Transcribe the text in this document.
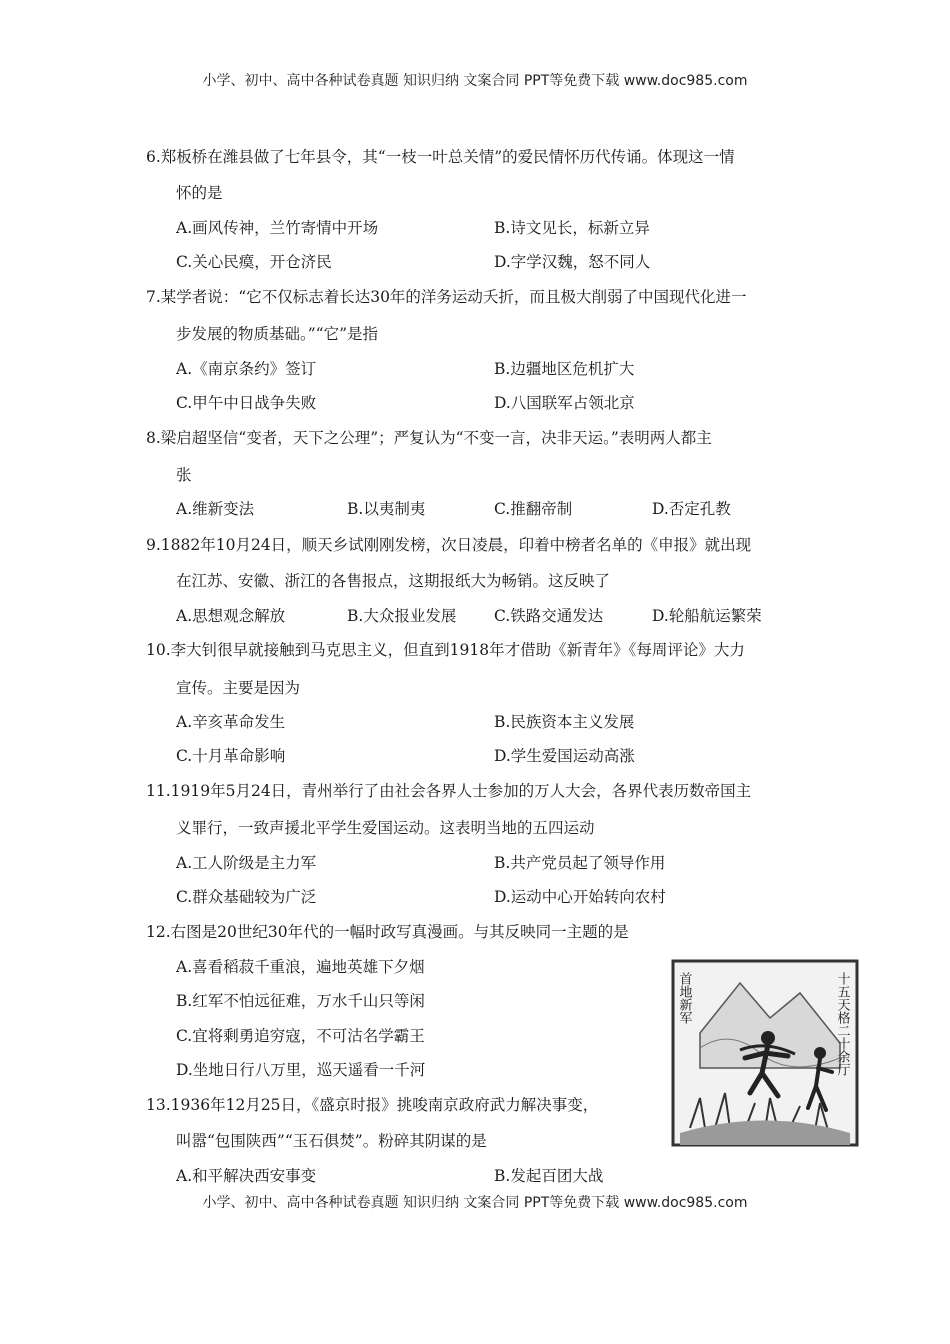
小学、初中、高中各种试卷真题 知识归纳 文案合同 PPT等免费下载 www.doc985.com
6.郑板桥在潍县做了七年县令，其“一枝一叶总关情”的爱民情怀历代传诵。体现这一情
怀的是
A.画风传神，兰竹寄情中开场	B.诗文见长，标新立异
C.关心民瘼，开仓济民	D.字学汉魏，怒不同人
7.某学者说：“它不仅标志着长达30年的洋务运动夭折，而且极大削弱了中国现代化进一
步发展的物质基础。”“它”是指
A.《南京条约》签订	B.边疆地区危机扩大
C.甲午中日战争失败	D.八国联军占领北京
8.梁启超坚信“变者，天下之公理”；严复认为“不变一言，决非天运。”表明两人都主
张
A.维新变法	B.以夷制夷	C.推翻帝制	D.否定孔教
9.1882年10月24日，顺天乡试刚刚发榜，次日凌晨，印着中榜者名单的《申报》就出现
在江苏、安徽、浙江的各售报点，这期报纸大为畅销。这反映了
A.思想观念解放	B.大众报业发展 C.铁路交通发达	D.轮船航运繁荣
10.李大钊很早就接触到马克思主义，但直到1918年才借助《新青年》《每周评论》大力
宣传。主要是因为
A.辛亥革命发生	B.民族资本主义发展
C.十月革命影响	D.学生爱国运动高涨
11.1919年5月24日，青州举行了由社会各界人士参加的万人大会，各界代表历数帝国主
义罪行，一致声援北平学生爱国运动。这表明当地的五四运动
A.工人阶级是主力军	B.共产党员起了领导作用
C.群众基础较为广泛	D.运动中心开始转向农村
12.右图是20世纪30年代的一幅时政写真漫画。与其反映同一主题的是
A.喜看稻菽千重浪，遍地英雄下夕烟
B.红军不怕远征难，万水千山只等闲
C.宜将剩勇追穷寇，不可沽名学霸王
D.坐地日行八万里，巡天遥看一千河
13.1936年12月25日，《盛京时报》挑唆南京政府武力解决事变，
叫嚣“包围陕西”“玉石俱焚”。粉碎其阴谋的是
A.和平解决西安事变	B.发起百团大战
首地新军	十五天格二十余厅
小学、初中、高中各种试卷真题 知识归纳 文案合同 PPT等免费下载 www.doc985.com
